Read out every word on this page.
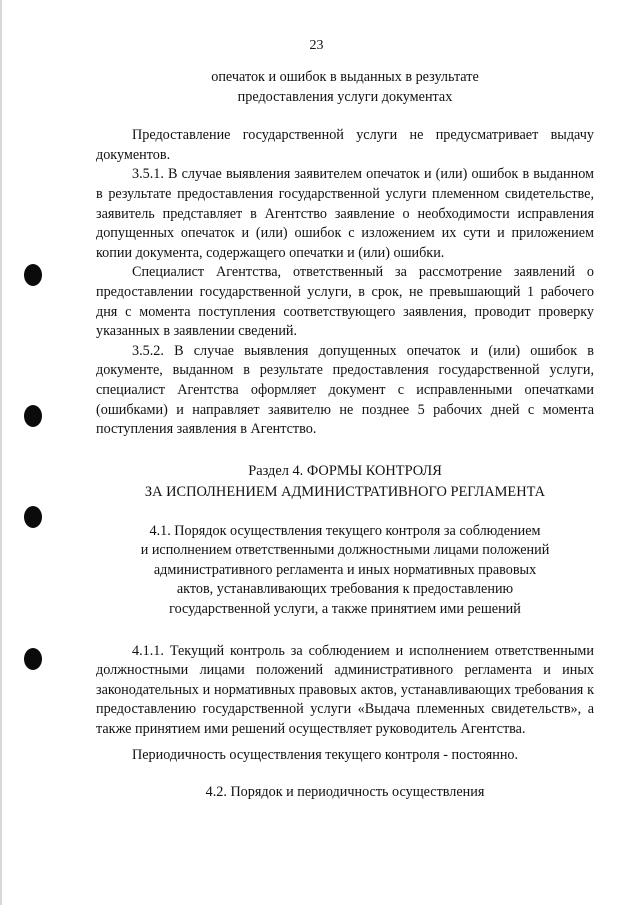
23

опечаток и ошибок в выданных в результате

предоставления услуги документах

Предоставление государственной услуги не предусматривает выдачу документов.

3.5.1. В случае выявления заявителем опечаток и (или) ошибок в выданном в результате предоставления государственной услуги племенном свидетельстве, заявитель представляет в Агентство заявление о необходимости исправления допущенных опечаток и (или) ошибок с изложением их сути и приложением копии документа, содержащего опечатки и (или) ошибки.

Специалист Агентства, ответственный за рассмотрение заявлений о предоставлении государственной услуги, в срок, не превышающий 1 рабочего дня с момента поступления соответствующего заявления, проводит проверку указанных в заявлении сведений.

3.5.2. В случае выявления допущенных опечаток и (или) ошибок в документе, выданном в результате предоставления государственной услуги, специалист Агентства оформляет документ с исправленными опечатками (ошибками) и направляет заявителю не позднее 5 рабочих дней с момента поступления заявления в Агентство.

Раздел 4. ФОРМЫ КОНТРОЛЯ

ЗА ИСПОЛНЕНИЕМ АДМИНИСТРАТИВНОГО РЕГЛАМЕНТА

4.1. Порядок осуществления текущего контроля за соблюдением

и исполнением ответственными должностными лицами положений

административного регламента и иных нормативных правовых

актов, устанавливающих требования к предоставлению

государственной услуги, а также принятием ими решений

4.1.1. Текущий контроль за соблюдением и исполнением ответственными должностными лицами положений административного регламента и иных законодательных и нормативных правовых актов, устанавливающих требования к предоставлению государственной услуги «Выдача племенных свидетельств», а также принятием ими решений осуществляет руководитель Агентства.

Периодичность осуществления текущего контроля - постоянно.

4.2. Порядок и периодичность осуществления
